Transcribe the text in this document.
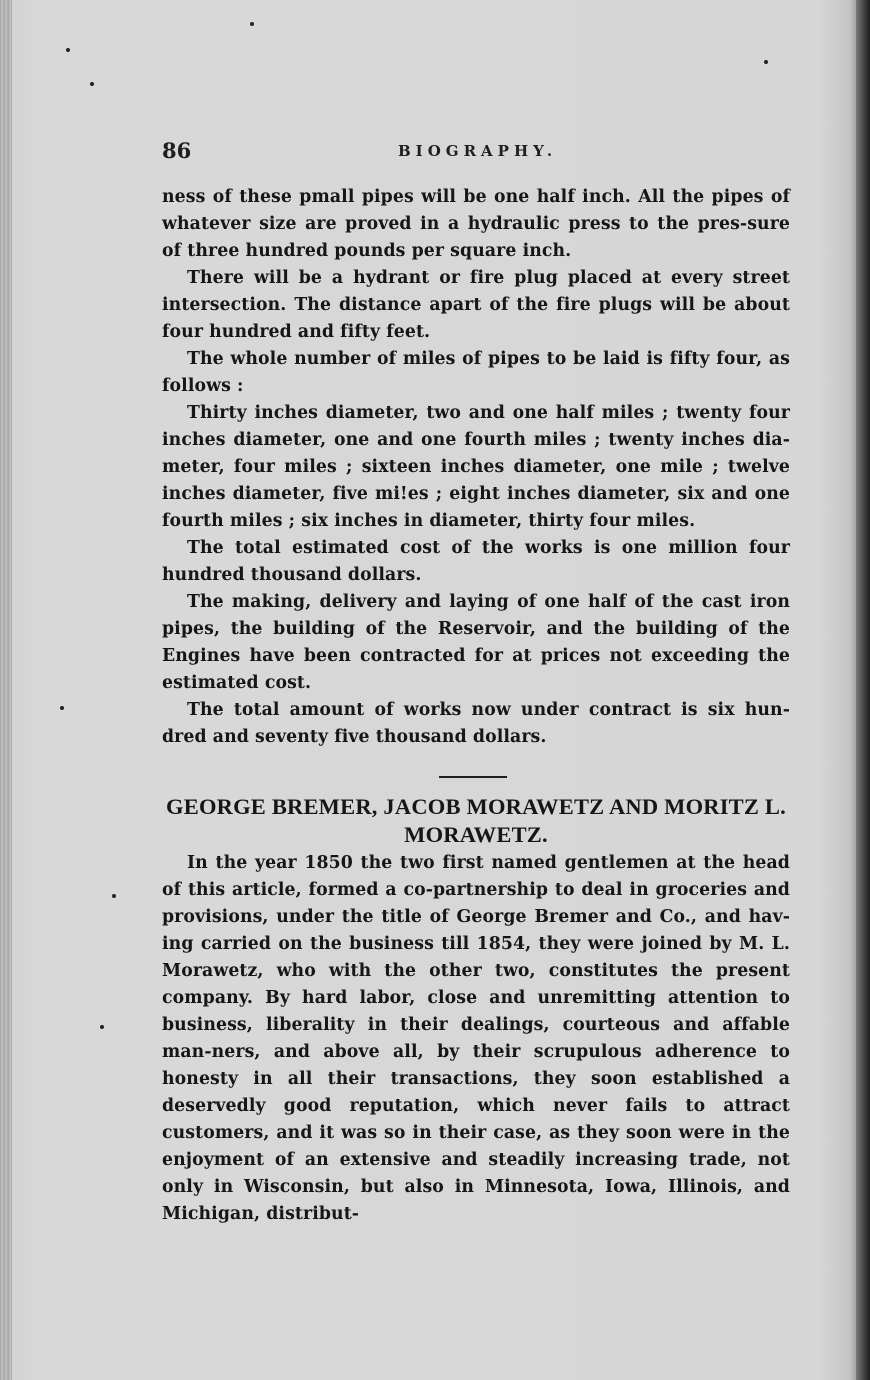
86	BIOGRAPHY.

ness of these pmall pipes will be one half inch. All the pipes of whatever size are proved in a hydraulic press to the pres-sure of three hundred pounds per square inch.

There will be a hydrant or fire plug placed at every street intersection. The distance apart of the fire plugs will be about four hundred and fifty feet.

The whole number of miles of pipes to be laid is fifty four, as follows :

Thirty inches diameter, two and one half miles ; twenty four inches diameter, one and one fourth miles ; twenty inches dia-meter, four miles ; sixteen inches diameter, one mile ; twelve inches diameter, five mi!es ; eight inches diameter, six and one fourth miles ; six inches in diameter, thirty four miles.

The total estimated cost of the works is one million four hundred thousand dollars.

The making, delivery and laying of one half of the cast iron pipes, the building of the Reservoir, and the building of the Engines have been contracted for at prices not exceeding the estimated cost.

The total amount of works now under contract is six hun-dred and seventy five thousand dollars.

GEORGE BREMER, JACOB MORAWETZ AND MORITZ L. MORAWETZ.

In the year 1850 the two first named gentlemen at the head of this article, formed a co-partnership to deal in groceries and provisions, under the title of George Bremer and Co., and hav-ing carried on the business till 1854, they were joined by M. L. Morawetz, who with the other two, constitutes the present company. By hard labor, close and unremitting attention to business, liberality in their dealings, courteous and affable man-ners, and above all, by their scrupulous adherence to honesty in all their transactions, they soon established a deservedly good reputation, which never fails to attract customers, and it was so in their case, as they soon were in the enjoyment of an extensive and steadily increasing trade, not only in Wisconsin, but also in Minnesota, Iowa, Illinois, and Michigan, distribut-
